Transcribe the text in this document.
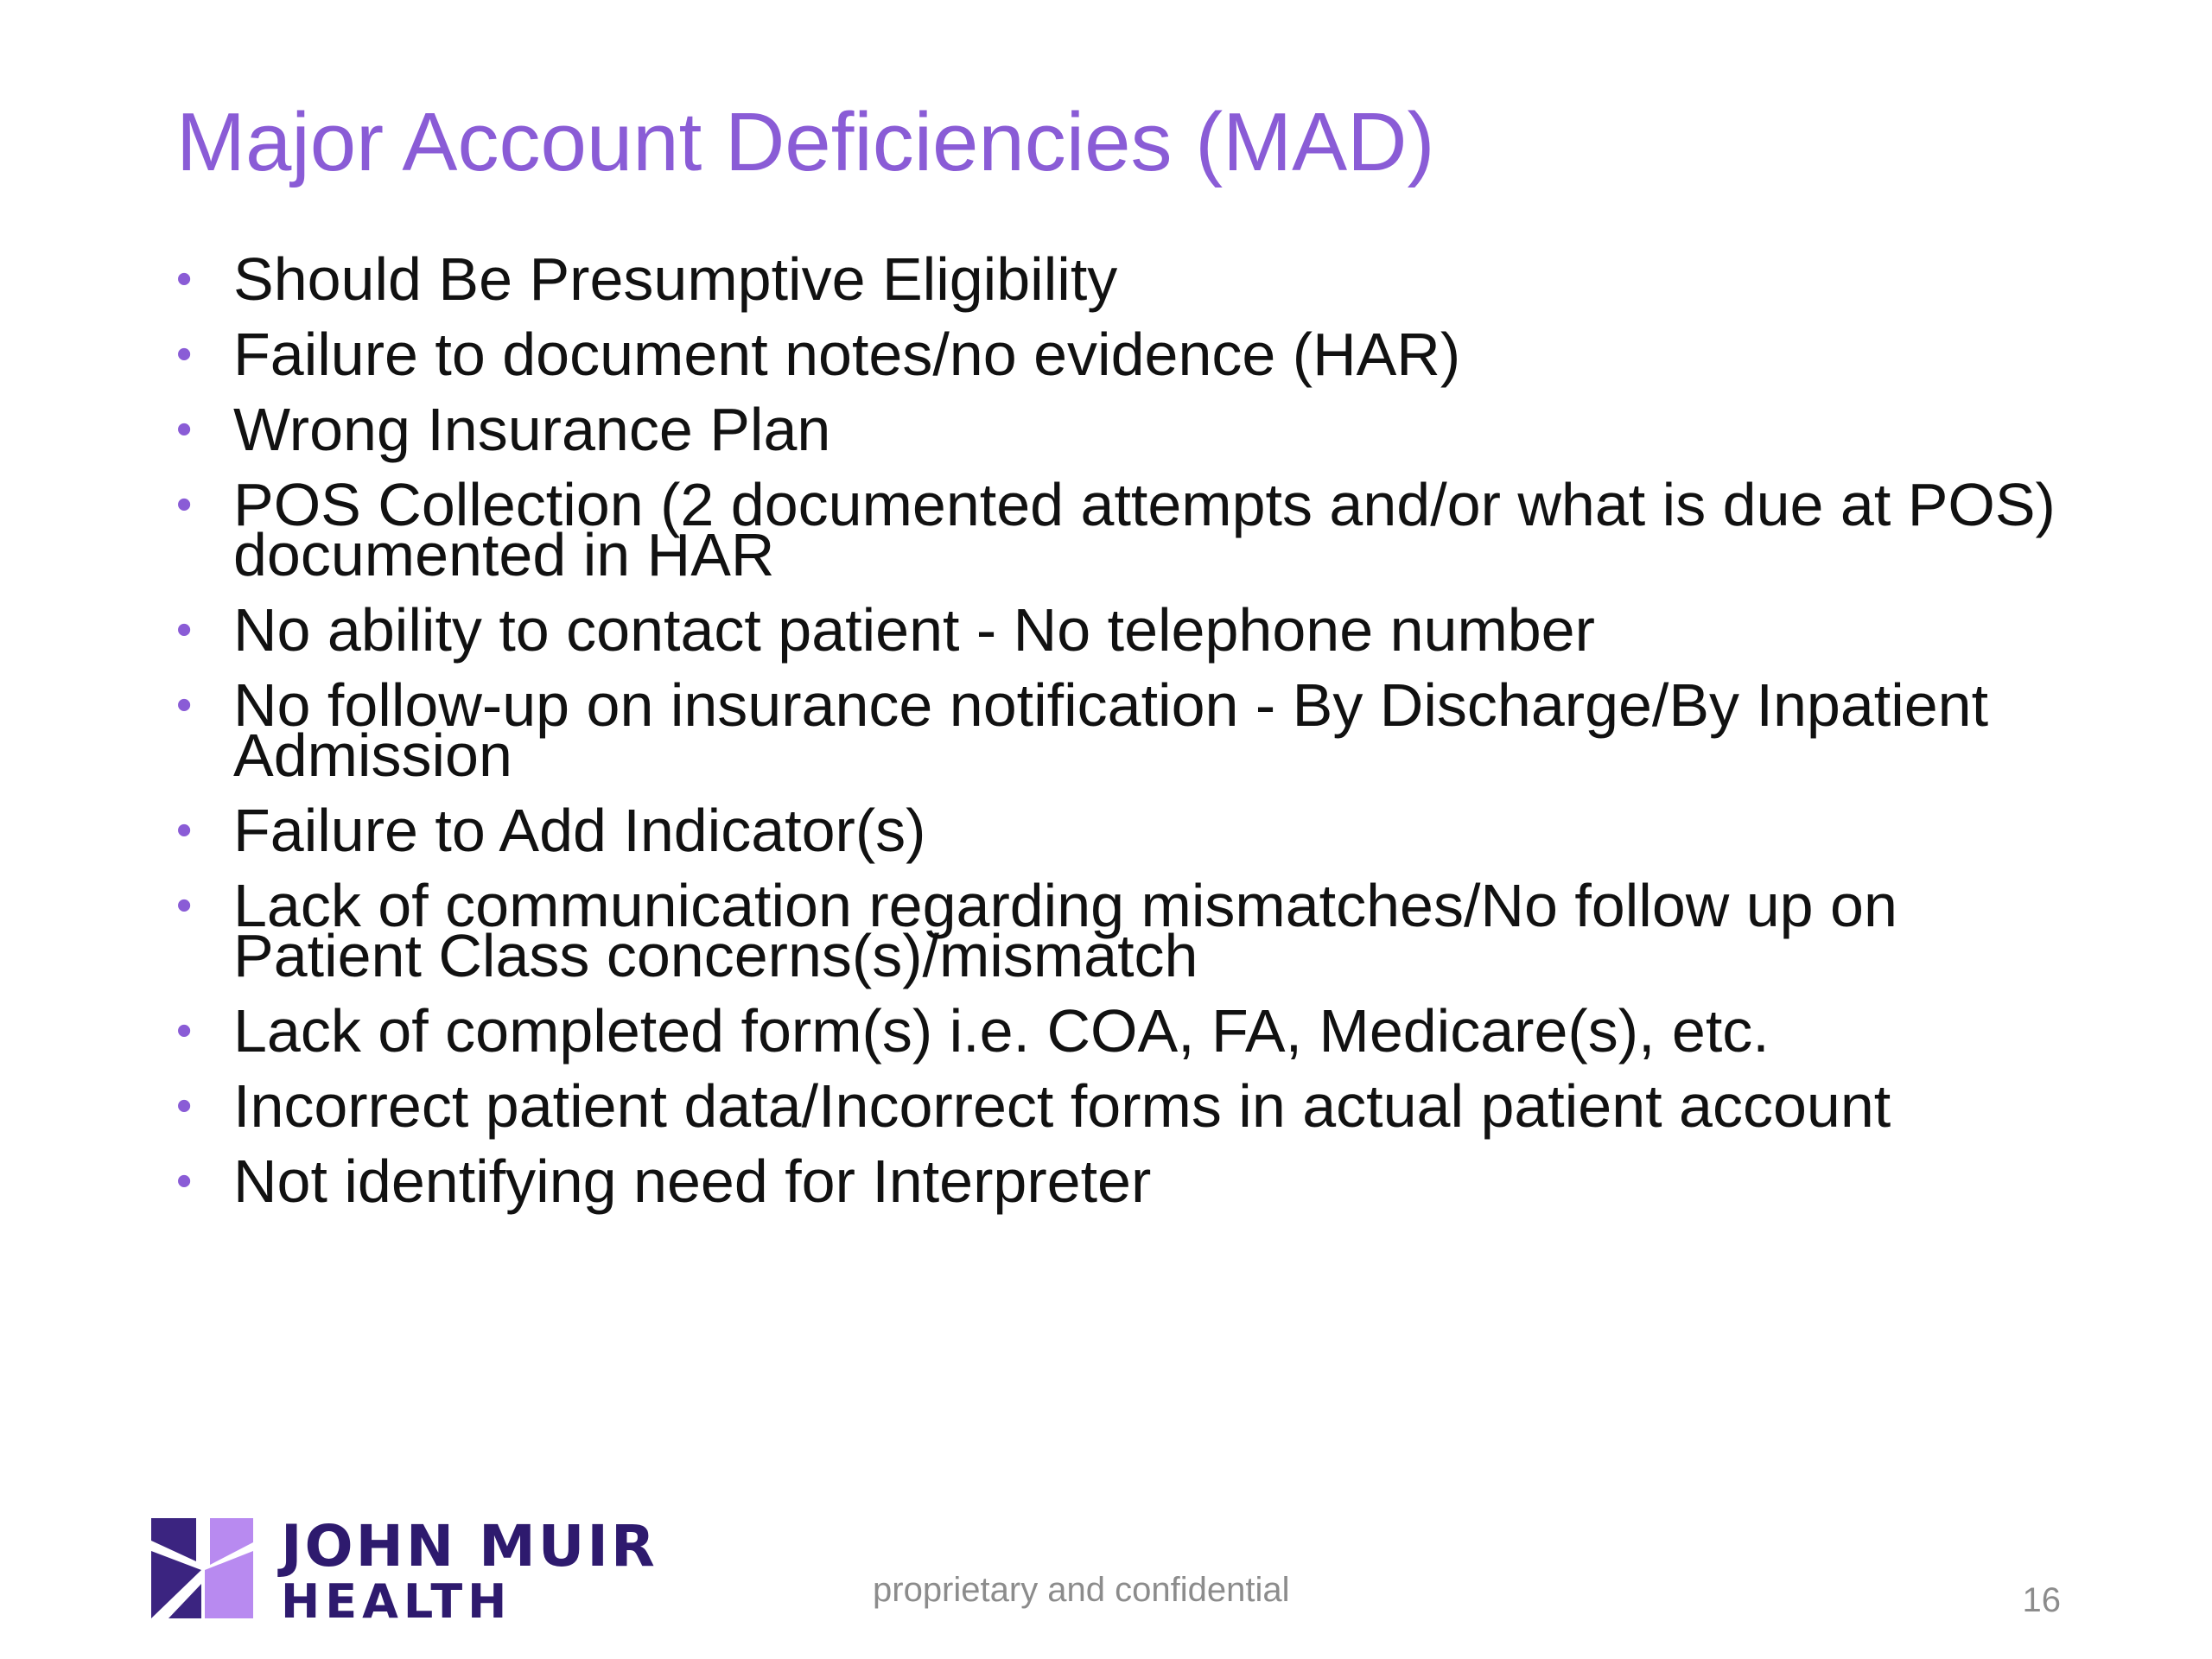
Major Account Deficiencies (MAD)
•
Should Be Presumptive Eligibility
•
Failure to document notes/no evidence (HAR)
•
Wrong Insurance Plan
•
POS Collection (2 documented attempts and/or what is due at POS) documented in HAR
•
No ability to contact patient - No telephone number
•
No follow-up on insurance notification - By Discharge/By Inpatient Admission
•
Failure to Add Indicator(s)
•
Lack of communication regarding mismatches/No follow up on Patient Class concerns(s)/mismatch
•
Lack of completed form(s) i.e. COA, FA, Medicare(s), etc.
•
Incorrect patient data/Incorrect forms in actual patient account
•
Not identifying need for Interpreter
JOHN MUIR
HEALTH	proprietary and confidential	16
